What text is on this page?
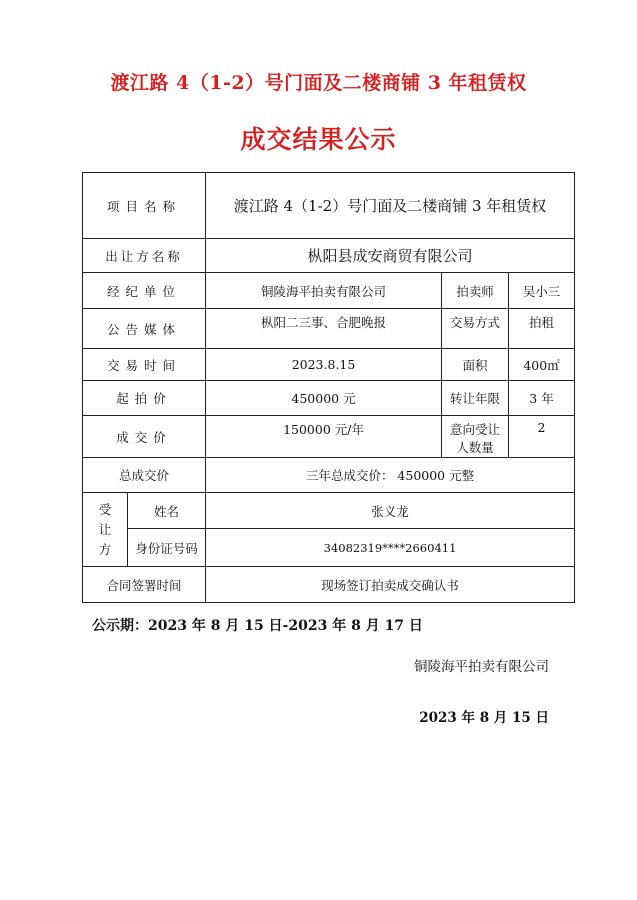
渡江路 4（1-2）号门面及二楼商铺 3 年租赁权
成交结果公示
项目名称		渡江路 4（1-2）号门面及二楼商铺 3 年租赁权		
出让方名称		枞阳县成安商贸有限公司		
经纪单位		铜陵海平拍卖有限公司	拍卖师	吴小三
公告媒体		枞阳二三事、合肥晚报	交易方式	拍租
交易时间		2023.8.15	面积	400㎡
起拍价		450000 元	转让年限	3 年
成交价		150000 元/年	意向受让人数量	2
总成交价		三年总成交价： 450000 元整		

受
让
方	姓名	张义龙		
	身份证号码	34082319****2660411		
合同签署时间		现场签订拍卖成交确认书		
公示期：2023 年 8 月 15 日-2023 年 8 月 17 日
铜陵海平拍卖有限公司
2023 年 8 月 15 日
